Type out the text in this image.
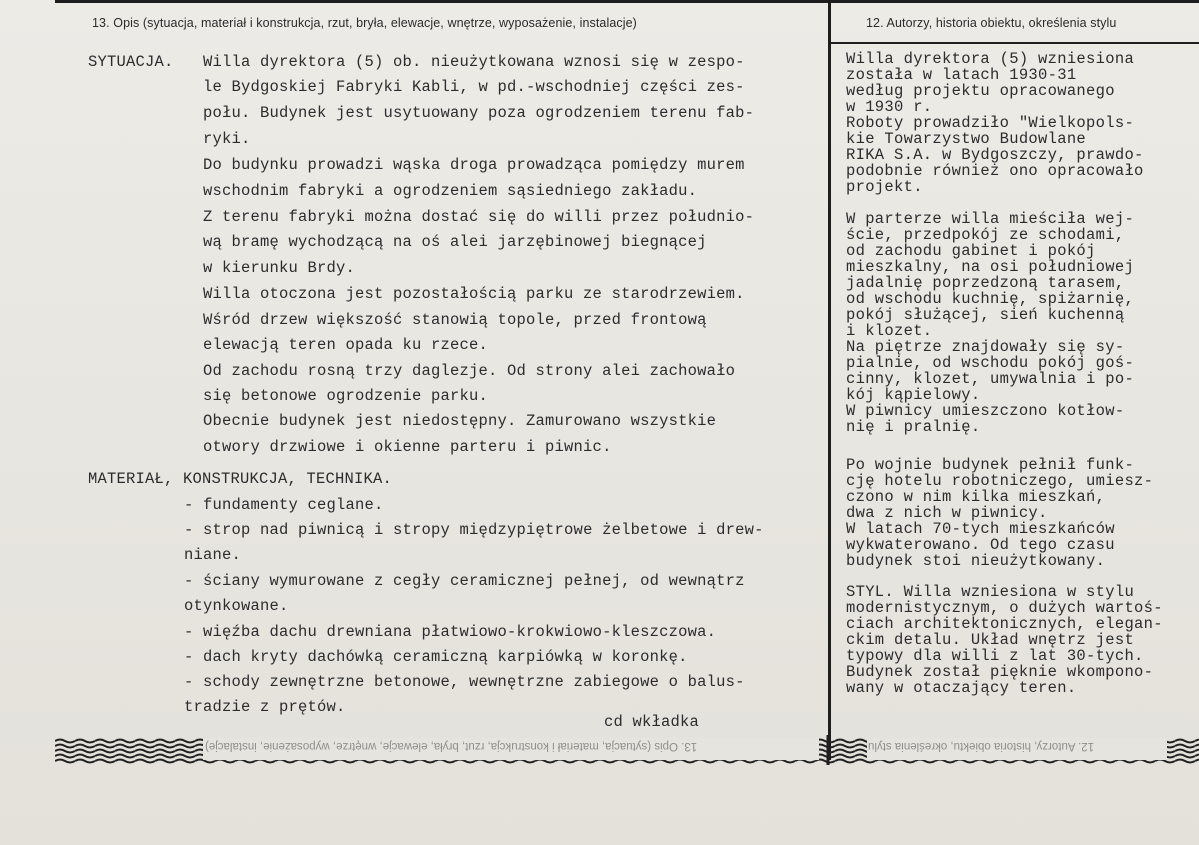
13. Opis (sytuacja, materiał i konstrukcja, rzut, bryła, elewacje, wnętrze, wyposażenie, instalacje)	12. Autorzy, historia obiektu, określenia stylu
SYTUACJA. Willa dyrektora (5) ob. nieużytkowana wznosi się w zespo-
le Bydgoskiej Fabryki Kabli, w pd.-wschodniej części zes-
połu. Budynek jest usytuowany poza ogrodzeniem terenu fab-
ryki.
Do budynku prowadzi wąska droga prowadząca pomiędzy murem
wschodnim fabryki a ogrodzeniem sąsiedniego zakładu.
Z terenu fabryki można dostać się do willi przez południo-
wą bramę wychodzącą na oś alei jarzębinowej biegnącej
w kierunku Brdy.
Willa otoczona jest pozostałością parku ze starodrzewiem.
Wśród drzew większość stanowią topole, przed frontową
elewacją teren opada ku rzece.
Od zachodu rosną trzy daglezje. Od strony alei zachowało
się betonowe ogrodzenie parku.
Obecnie budynek jest niedostępny. Zamurowano wszystkie
otwory drzwiowe i okienne parteru i piwnic.
MATERIAŁ, KONSTRUKCJA, TECHNIKA.
- fundamenty ceglane.
- strop nad piwnicą i stropy międzypiętrowe żelbetowe i drew-
niane.
- ściany wymurowane z cegły ceramicznej pełnej, od wewnątrz
otynkowane.
- więźba dachu drewniana płatwiowo-krokwiowo-kleszczowa.
- dach kryty dachówką ceramiczną karpiówką w koronkę.
- schody zewnętrzne betonowe, wewnętrzne zabiegowe o balus-
tradzie z prętów.
cd wkładka
Willa dyrektora (5) wzniesiona
została w latach 1930-31
według projektu opracowanego
w 1930 r.
Roboty prowadziło "Wielkopols-
kie Towarzystwo Budowlane
RIKA S.A. w Bydgoszczy, prawdo-
podobnie również ono opracowało
projekt.
W parterze willa mieściła wej-
ście, przedpokój ze schodami,
od zachodu gabinet i pokój
mieszkalny, na osi południowej
jadalnię poprzedzoną tarasem,
od wschodu kuchnię, spiżarnię,
pokój służącej, sień kuchenną
i klozet.
Na piętrze znajdowały się sy-
pialnie, od wschodu pokój goś-
cinny, klozet, umywalnia i po-
kój kąpielowy.
W piwnicy umieszczono kotłow-
nię i pralnię.
Po wojnie budynek pełnił funk-
cję hotelu robotniczego, umiesz-
czono w nim kilka mieszkań,
dwa z nich w piwnicy.
W latach 70-tych mieszkańców
wykwaterowano. Od tego czasu
budynek stoi nieużytkowany.
STYL. Willa wzniesiona w stylu
modernistycznym, o dużych wartoś-
ciach architektonicznych, elegan-
ckim detalu. Układ wnętrz jest
typowy dla willi z lat 30-tych.
Budynek został pięknie wkompono-
wany w otaczający teren.
13. Opis (sytuacja, materiał i konstrukcja, rzut, bryła, elewacje, wnętrze, wyposażenie, instalacje)	12. Autorzy, historia obiektu, określenia stylu
